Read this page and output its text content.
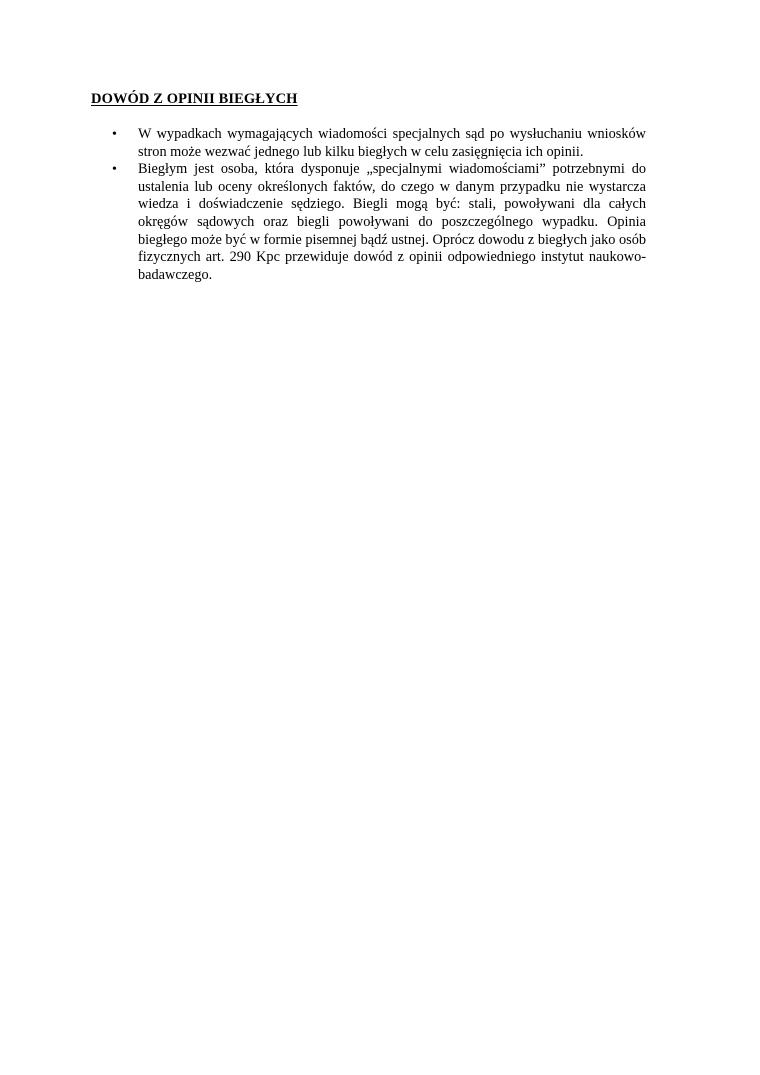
DOWÓD Z OPINII BIEGŁYCH
• W wypadkach wymagających wiadomości specjalnych sąd po wysłuchaniu wniosków stron może wezwać jednego lub kilku biegłych w celu zasięgnięcia ich opinii.
• Biegłym jest osoba, która dysponuje „specjalnymi wiadomościami” potrzebnymi do ustalenia lub oceny określonych faktów, do czego w danym przypadku nie wystarcza wiedza i doświadczenie sędziego. Biegli mogą być: stali, powoływani dla całych okręgów sądowych oraz biegli powoływani do poszczególnego wypadku. Opinia biegłego może być w formie pisemnej bądź ustnej. Oprócz dowodu z biegłych jako osób fizycznych art. 290 Kpc przewiduje dowód z opinii odpowiedniego instytut naukowo-badawczego.
